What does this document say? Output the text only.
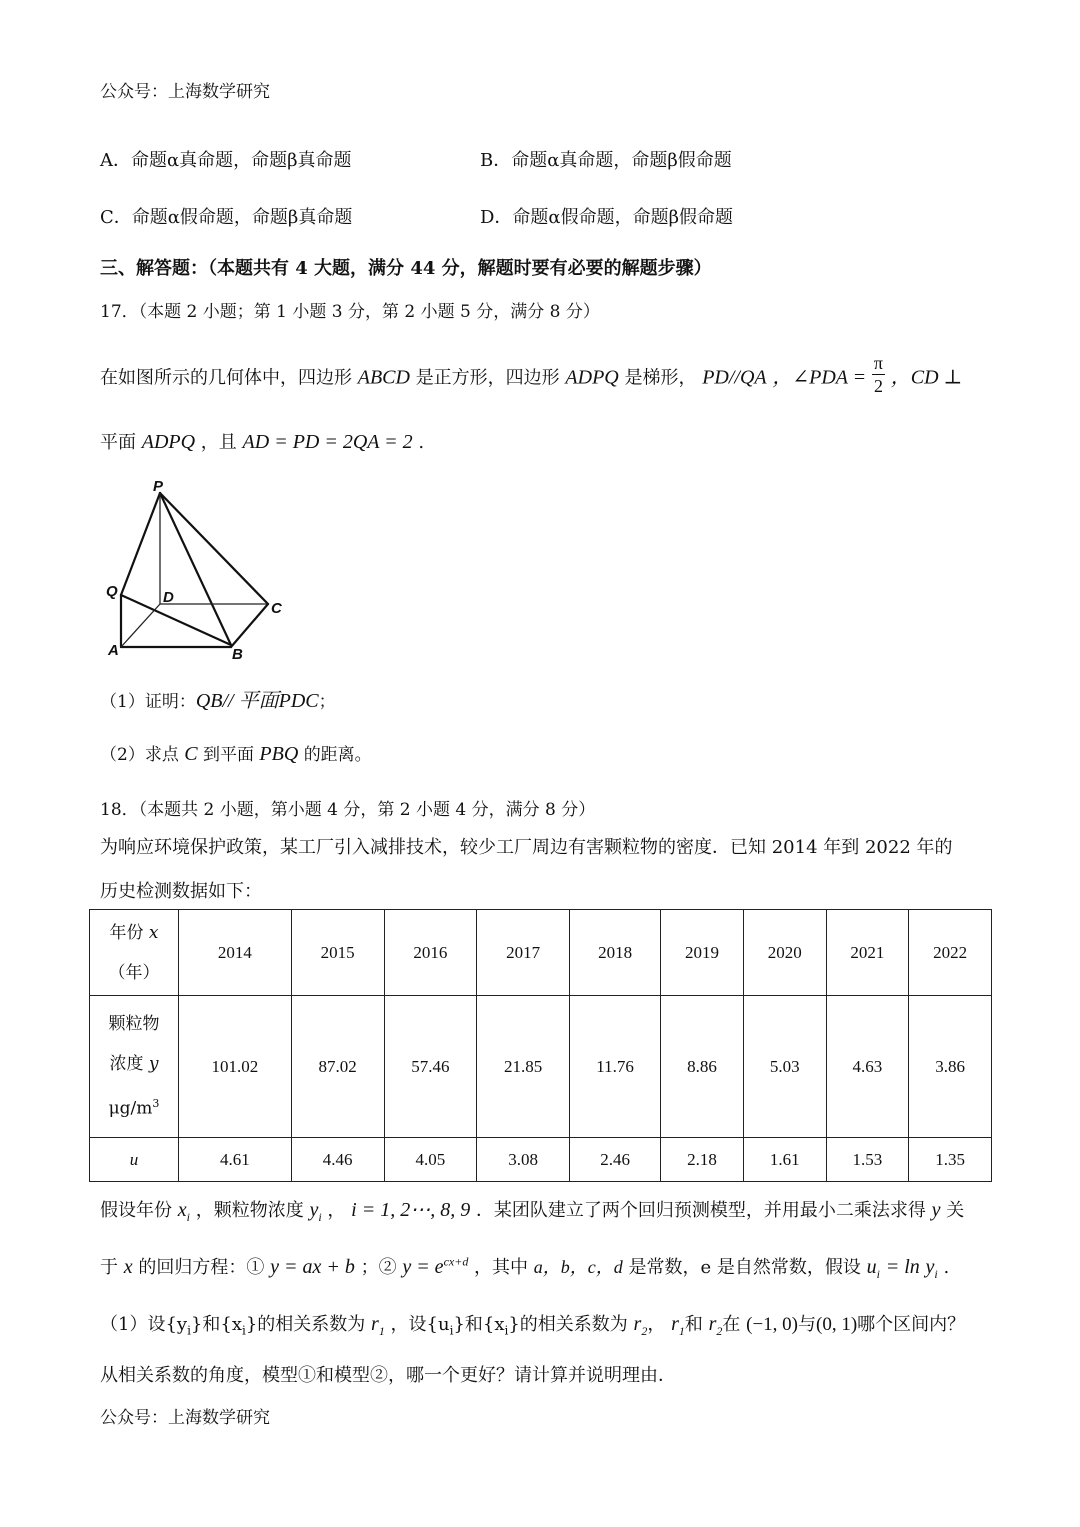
公众号：上海数学研究
A．命题α真命题，命题β真命题	B．命题α真命题，命题β假命题
C．命题α假命题，命题β真命题	D．命题α假命题，命题β假命题
三、解答题：（本题共有 4 大题，满分 44 分，解题时要有必要的解题步骤）
17．（本题 2 小题；第 1 小题 3 分，第 2 小题 5 分，满分 8 分）
在如图所示的几何体中，四边形 ABCD 是正方形，四边形 ADPQ 是梯形， PD//QA ，∠PDA = $\frac{\pi}{2}$ ，CD ⊥
平面 ADPQ ，且 AD = PD = 2QA = 2 .
P
Q	D
C
A	B
（1）证明：QB// 平面PDC；
（2）求点 C 到平面 PBQ 的距离。
18．（本题共 2 小题，第小题 4 分，第 2 小题 4 分，满分 8 分）
为响应环境保护政策，某工厂引入减排技术，较少工厂周边有害颗粒物的密度．已知 2014 年到 2022 年的
历史检测数据如下：
年份 x
（年）	2014	2015	2016	2017	2018	2019	2020	2021	2022
颗粒物
浓度 y
$\mu g/m^3$	101.02	87.02	57.46	21.85	11.76	8.86	5.03	4.63	3.86
u	4.61	4.46	4.05	3.08	2.46	2.18	1.61	1.53	1.35
假设年份 $x_i$ ，颗粒物浓度 $y_i$ ， i = 1, 2⋯, 8, 9 ．某团队建立了两个回归预测模型，并用最小二乘法求得 y 关
于 x 的回归方程：① y = ax + b ；② $y = e^{cx+d}$ ，其中 a，b，c，d 是常数，e 是自然常数，假设 $u_i = \ln y_i$ .
（1）设$\{y_i\}$和$\{x_i\}$的相关系数为 $r_1$ ，设$\{u_i\}$和$\{x_i\}$的相关系数为 $r_2$， $r_1$和 $r_2$在 (−1, 0)与(0, 1)哪个区间内？
从相关系数的角度，模型①和模型②，哪一个更好？请计算并说明理由．
公众号：上海数学研究
